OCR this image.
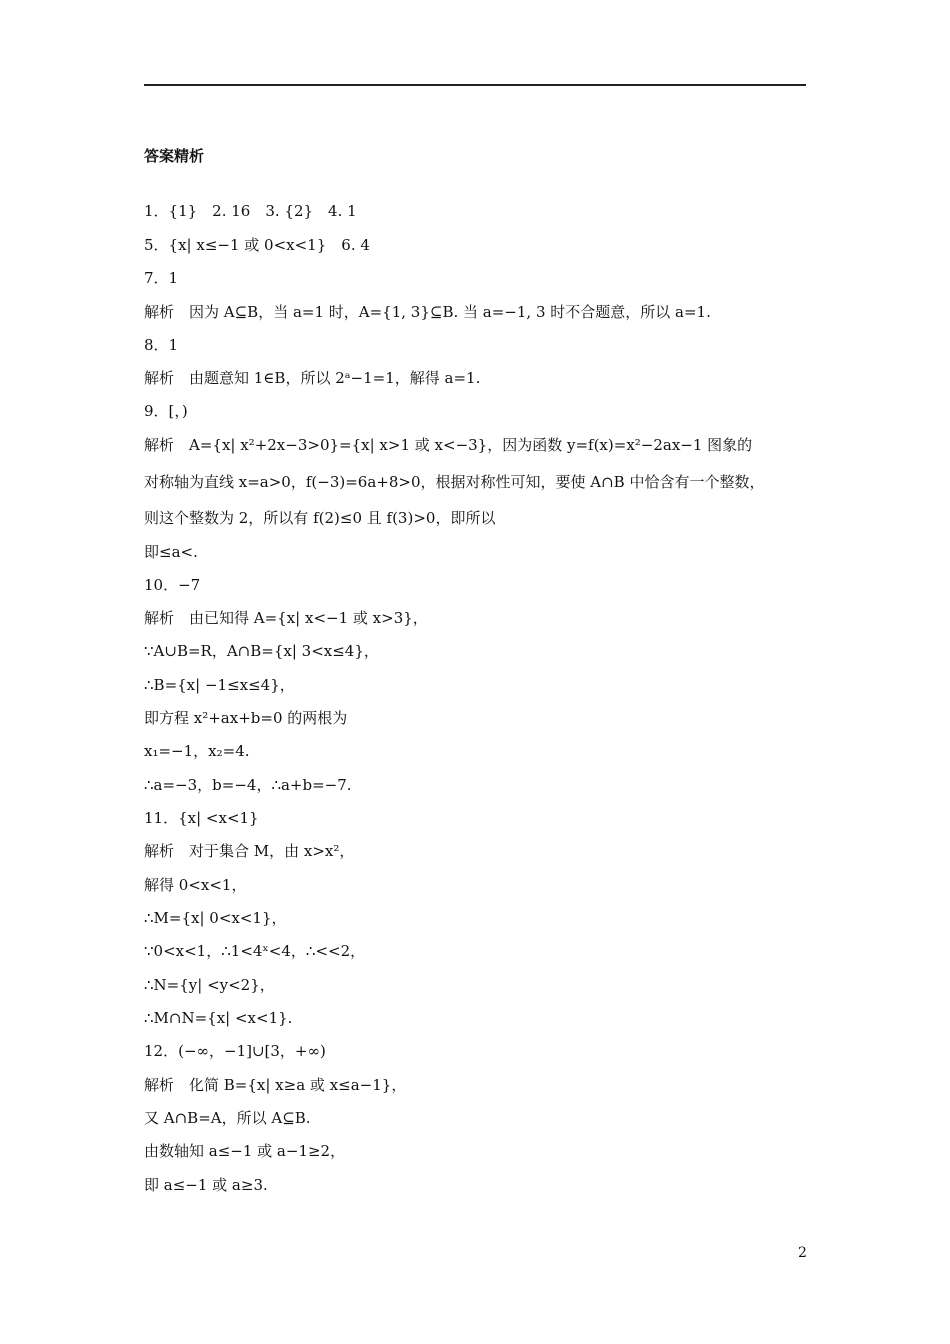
答案精析
1．{1}　2. 16　3. {2}　4. 1
5．{x| x≤−1 或 0<x<1}　6. 4
7．1
解析　因为 A⊆B，当 a=1 时，A={1, 3}⊆B. 当 a=−1, 3 时不合题意，所以 a=1.
8．1
解析　由题意知 1∈B，所以 2ᵃ−1=1，解得 a=1.
9．[，)
解析　A={x| x²+2x−3>0}={x| x>1 或 x<−3}，因为函数 y=f(x)=x²−2ax−1 图象的
对称轴为直线 x=a>0，f(−3)=6a+8>0，根据对称性可知，要使 A∩B 中恰含有一个整数，
则这个整数为 2，所以有 f(2)≤0 且 f(3)>0，即所以
即≤a<.
10．−7
解析　由已知得 A={x| x<−1 或 x>3}，
∵A∪B=R，A∩B={x| 3<x≤4}，
∴B={x| −1≤x≤4}，
即方程 x²+ax+b=0 的两根为
x₁=−1，x₂=4.
∴a=−3，b=−4，∴a+b=−7.
11．{x| <x<1}
解析　对于集合 M，由 x>x²，
解得 0<x<1，
∴M={x| 0<x<1}，
∵0<x<1，∴1<4ˣ<4，∴<<2，
∴N={y| <y<2}，
∴M∩N={x| <x<1}.
12．(−∞，−1]∪[3，+∞)
解析　化简 B={x| x≥a 或 x≤a−1}，
又 A∩B=A，所以 A⊆B.
由数轴知 a≤−1 或 a−1≥2，
即 a≤−1 或 a≥3.
2
